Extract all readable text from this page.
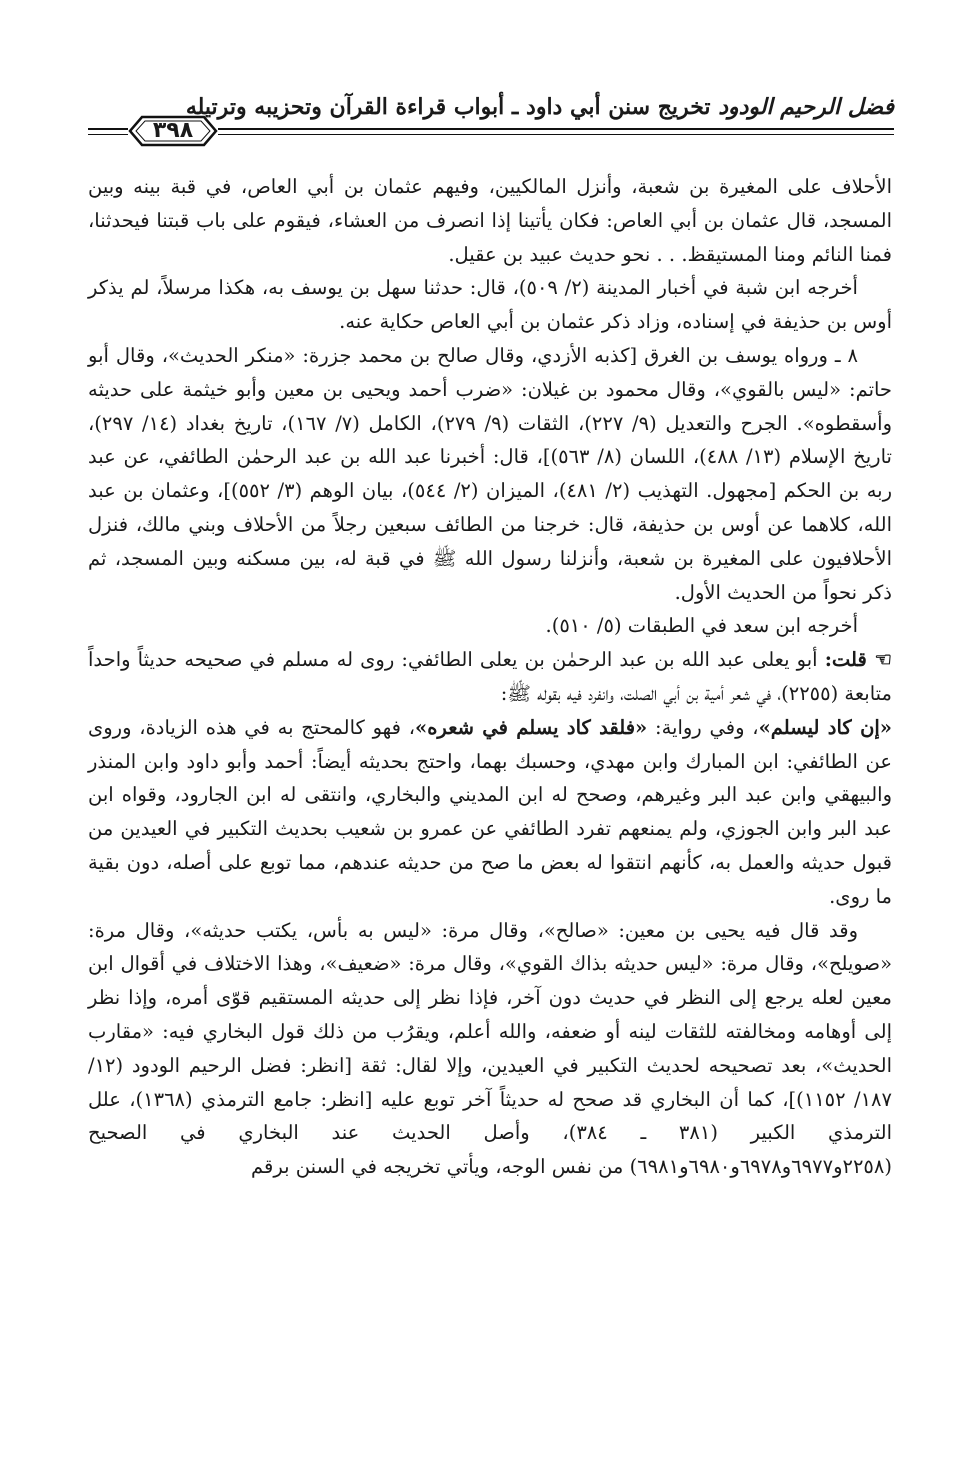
٣٩٨
فضل الرحيم الودود تخريج سنن أبي داود ـ أبواب قراءة القرآن وتحزيبه وترتيله

الأحلاف على المغيرة بن شعبة، وأنزل المالكيين، وفيهم عثمان بن أبي العاص، في قبة بينه وبين المسجد، قال عثمان بن أبي العاص: فكان يأتينا إذا انصرف من العشاء، فيقوم على باب قبتنا فيحدثنا، فمنا النائم ومنا المستيقظ. . . نحو حديث عبيد بن عقيل.

أخرجه ابن شبة في أخبار المدينة (٢/ ٥٠٩)، قال: حدثنا سهل بن يوسف به، هكذا مرسلاً، لم يذكر أوس بن حذيفة في إسناده، وزاد ذكر عثمان بن أبي العاص حكاية عنه.

٨ ـ ورواه يوسف بن الغرق [كذبه الأزدي، وقال صالح بن محمد جزرة: «منكر الحديث»، وقال أبو حاتم: «ليس بالقوي»، وقال محمود بن غيلان: «ضرب أحمد ويحيى بن معين وأبو خيثمة على حديثه وأسقطوه». الجرح والتعديل (٩/ ٢٢٧)، الثقات (٩/ ٢٧٩)، الكامل (٧/ ١٦٧)، تاريخ بغداد (١٤/ ٢٩٧)، تاريخ الإسلام (١٣/ ٤٨٨)، اللسان (٨/ ٥٦٣)]، قال: أخبرنا عبد الله بن عبد الرحمٰن الطائفي، عن عبد ربه بن الحكم [مجهول. التهذيب (٢/ ٤٨١)، الميزان (٢/ ٥٤٤)، بيان الوهم (٣/ ٥٥٢)]، وعثمان بن عبد الله، كلاهما عن أوس بن حذيفة، قال: خرجنا من الطائف سبعين رجلاً من الأحلاف وبني مالك، فنزل الأحلافيون على المغيرة بن شعبة، وأنزلنا رسول الله ﷺ في قبة له، بين مسكنه وبين المسجد، ثم ذكر نحواً من الحديث الأول.

أخرجه ابن سعد في الطبقات (٥/ ٥١٠).

☜ قلت: أبو يعلى عبد الله بن عبد الرحمٰن بن يعلى الطائفي: روى له مسلم في صحيحه حديثاً واحداً متابعة (٢٢٥٥)، في شعر أمية بن أبي الصلت، وانفرد فيه بقوله ﷺ:
«إن كاد ليسلم»، وفي رواية: «فلقد كاد يسلم في شعره»، فهو كالمحتج به في هذه الزيادة، وروى عن الطائفي: ابن المبارك وابن مهدي، وحسبك بهما، واحتج بحديثه أيضاً: أحمد وأبو داود وابن المنذر والبيهقي وابن عبد البر وغيرهم، وصحح له ابن المديني والبخاري، وانتقى له ابن الجارود، وقواه ابن عبد البر وابن الجوزي، ولم يمنعهم تفرد الطائفي عن عمرو بن شعيب بحديث التكبير في العيدين من قبول حديثه والعمل به، كأنهم انتقوا له بعض ما صح من حديثه عندهم، مما توبع على أصله، دون بقية ما روى.

وقد قال فيه يحيى بن معين: «صالح»، وقال مرة: «ليس به بأس، يكتب حديثه»، وقال مرة: «صويلح»، وقال مرة: «ليس حديثه بذاك القوي»، وقال مرة: «ضعيف»، وهذا الاختلاف في أقوال ابن معين لعله يرجع إلى النظر في حديث دون آخر، فإذا نظر إلى حديثه المستقيم قوّى أمره، وإذا نظر إلى أوهامه ومخالفته للثقات لينه أو ضعفه، والله أعلم، ويقرُب من ذلك قول البخاري فيه: «مقارب الحديث»، بعد تصحيحه لحديث التكبير في العيدين، وإلا لقال: ثقة [انظر: فضل الرحيم الودود (١٢/ ١٨٧/ ١١٥٢)]، كما أن البخاري قد صحح له حديثاً آخر توبع عليه [انظر: جامع الترمذي (١٣٦٨)، علل الترمذي الكبير (٣٨١ ـ ٣٨٤)، وأصل الحديث عند البخاري في الصحيح (٢٢٥٨و٦٩٧٧و٦٩٧٨و٦٩٨٠و٦٩٨١) من نفس الوجه، ويأتي تخريجه في السنن برقم
